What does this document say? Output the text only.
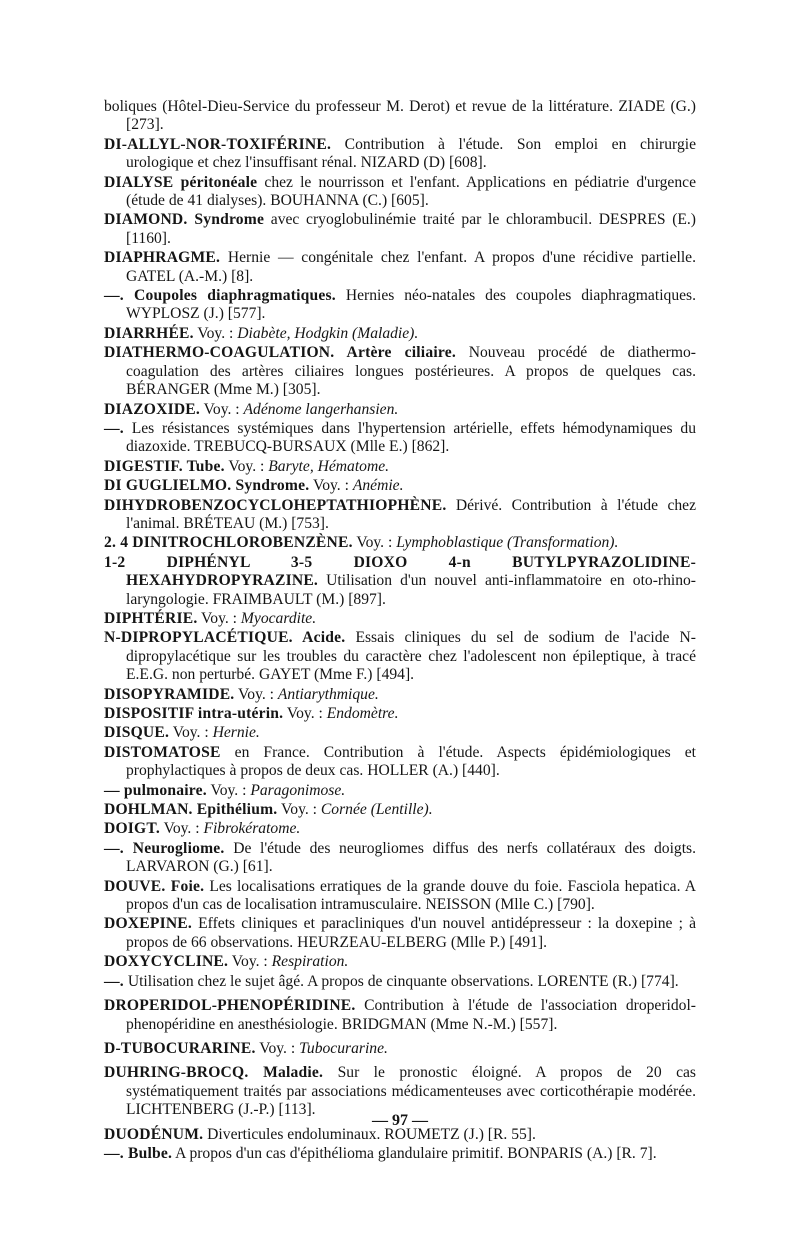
boliques (Hôtel-Dieu-Service du professeur M. Derot) et revue de la littérature. ZIADE (G.) [273].

DI-ALLYL-NOR-TOXIFÉRINE. Contribution à l'étude. Son emploi en chirurgie urologique et chez l'insuffisant rénal. NIZARD (D) [608].

DIALYSE péritonéale chez le nourrisson et l'enfant. Applications en pédiatrie d'urgence (étude de 41 dialyses). BOUHANNA (C.) [605].

DIAMOND. Syndrome avec cryoglobulinémie traité par le chlorambucil. DESPRES (E.) [1160].

DIAPHRAGME. Hernie — congénitale chez l'enfant. A propos d'une récidive partielle. GATEL (A.-M.) [8].

—. Coupoles diaphragmatiques. Hernies néo-natales des coupoles diaphragmatiques. WYPLOSZ (J.) [577].

DIARRHÉE. Voy. : Diabète, Hodgkin (Maladie).

DIATHERMO-COAGULATION. Artère ciliaire. Nouveau procédé de diathermo-coagulation des artères ciliaires longues postérieures. A propos de quelques cas. BÉRANGER (Mme M.) [305].

DIAZOXIDE. Voy. : Adénome langerhansien.

—. Les résistances systémiques dans l'hypertension artérielle, effets hémodynamiques du diazoxide. TREBUCQ-BURSAUX (Mlle E.) [862].

DIGESTIF. Tube. Voy. : Baryte, Hématome.

DI GUGLIELMO. Syndrome. Voy. : Anémie.

DIHYDROBENZOCYCLOHEPTATHIOPHÈNE. Dérivé. Contribution à l'étude chez l'animal. BRÉTEAU (M.) [753].

2. 4 DINITROCHLOROBENZÈNE. Voy. : Lymphoblastique (Transformation).

1-2 DIPHÉNYL 3-5 DIOXO 4-n BUTYLPYRAZOLIDINE-HEXAHYDROPYRAZINE. Utilisation d'un nouvel anti-inflammatoire en oto-rhino-laryngologie. FRAIMBAULT (M.) [897].

DIPHTÉRIE. Voy. : Myocardite.

N-DIPROPYLACÉTIQUE. Acide. Essais cliniques du sel de sodium de l'acide N-dipropylacétique sur les troubles du caractère chez l'adolescent non épileptique, à tracé E.E.G. non perturbé. GAYET (Mme F.) [494].

DISOPYRAMIDE. Voy. : Antiarythmique.

DISPOSITIF intra-utérin. Voy. : Endomètre.

DISQUE. Voy. : Hernie.

DISTOMATOSE en France. Contribution à l'étude. Aspects épidémiologiques et prophylactiques à propos de deux cas. HOLLER (A.) [440].

— pulmonaire. Voy. : Paragonimose.

DOHLMAN. Epithélium. Voy. : Cornée (Lentille).

DOIGT. Voy. : Fibrokératome.

—. Neurogliome. De l'étude des neurogliomes diffus des nerfs collatéraux des doigts. LARVARON (G.) [61].

DOUVE. Foie. Les localisations erratiques de la grande douve du foie. Fasciola hepatica. A propos d'un cas de localisation intramusculaire. NEISSON (Mlle C.) [790].

DOXEPINE. Effets cliniques et paracliniques d'un nouvel antidépresseur : la doxepine ; à propos de 66 observations. HEURZEAU-ELBERG (Mlle P.) [491].

DOXYCYCLINE. Voy. : Respiration.

—. Utilisation chez le sujet âgé. A propos de cinquante observations. LORENTE (R.) [774].

DROPERIDOL-PHENOPÉRIDINE. Contribution à l'étude de l'association droperidol-phenopéridine en anesthésiologie. BRIDGMAN (Mme N.-M.) [557].

D-TUBOCURARINE. Voy. : Tubocurarine.

DUHRING-BROCQ. Maladie. Sur le pronostic éloigné. A propos de 20 cas systématiquement traités par associations médicamenteuses avec corticothérapie modérée. LICHTENBERG (J.-P.) [113].

DUODÉNUM. Diverticules endoluminaux. ROUMETZ (J.) [R. 55].

—. Bulbe. A propos d'un cas d'épithélioma glandulaire primitif. BONPARIS (A.) [R. 7].

— 97 —
